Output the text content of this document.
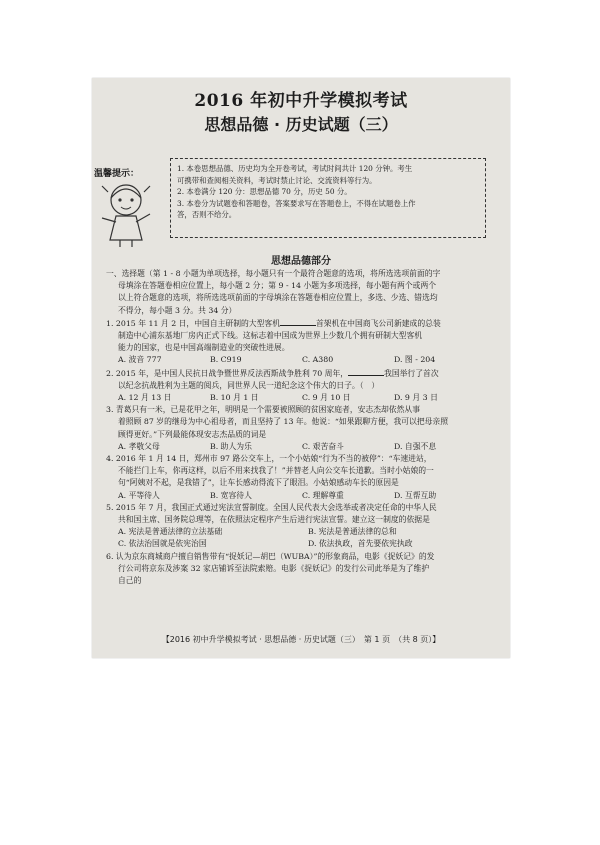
2016 年初中升学模拟考试
思想品德 · 历史试题（三）
温馨提示：
1. 本卷思想品德、历史均为全开卷考试，考试时间共计 120 分钟。考生
可携带和查阅相关资料，考试时禁止讨论、交流资料等行为。
2. 本卷满分 120 分：思想品德 70 分，历史 50 分。
3. 本卷分为试题卷和答题卷，答案要求写在答题卷上，不得在试题卷上作
答，否则不给分。
思想品德部分
一、选择题（第 1 - 8 小题为单项选择，每小题只有一个最符合题意的选项，将所选选项前面的字
母填涂在答题卷相应位置上，每小题 2 分；第 9 - 14 小题为多项选择，每小题有两个或两个
以上符合题意的选项，将所选选项前面的字母填涂在答题卷相应位置上，多选、少选、错选均
不得分，每小题 3 分。共 34 分）
1. 2015 年 11 月 2 日，中国自主研制的大型客机	首架机在中国商飞公司新建成的总装
制造中心浦东基地厂房内正式下线。这标志着中国成为世界上少数几个拥有研制大型客机
能力的国家，也是中国高端制造业的突破性进展。
A. 波音 777	B. C919	C. A380	D. 图 - 204
2. 2015 年，是中国人民抗日战争暨世界反法西斯战争胜利 70 周年，	我国举行了首次
以纪念抗战胜利为主题的阅兵，同世界人民一道纪念这个伟大的日子。（　）
A. 12 月 13 日	B. 10 月 1 日	C. 9 月 10 日	D. 9 月 3 日
3. 青葛只有一米，已是花甲之年，明明是一个需要被照顾的贫困家庭者，安志杰却依然从事
着照顾 87 岁的继母为中心祖母者，而且坚持了 13 年。他说：“如果跟聊方便，我可以把母亲照
顾得更好。”下列最能体现安志杰品质的词是
A. 孝敬父母	B. 助人为乐	C. 艰苦奋斗	D. 自强不息
4. 2016 年 1 月 14 日，郑州市 97 路公交车上，一个小姑娘“行为不当的被停”：“车速进站，
不能拦门上车，你再这样，以后不用来找我了！”并替老人向公交车长道歉。当时小姑娘的一
句“阿姨对不起，是我错了”，让车长感动得流下了眼泪。小姑娘感动车长的原因是
A. 平等待人	B. 宽容待人	C. 理解尊重	D. 互帮互助
5. 2015 年 7 月，我国正式通过宪法宣誓制度。全国人民代表大会选举或者决定任命的中华人民
共和国主席、国务院总理等，在依照法定程序产生后进行宪法宣誓。建立这一制度的依据是
A. 宪法是普通法律的立法基础	B. 宪法是普通法律的总和
C. 依法治国就是依宪治国	D. 依法执政，首先要依宪执政
6. 认为京东商城商户擅自销售带有“捉妖记—胡巴（WUBA）”的形象商品，电影《捉妖记》的发
行公司将京东及涉案 32 家店铺诉至法院索赔。电影《捉妖记》的发行公司此举是为了维护
自己的
【2016 初中升学模拟考试 · 思想品德 · 历史试题（三）　第 1 页　（共 8 页）】
